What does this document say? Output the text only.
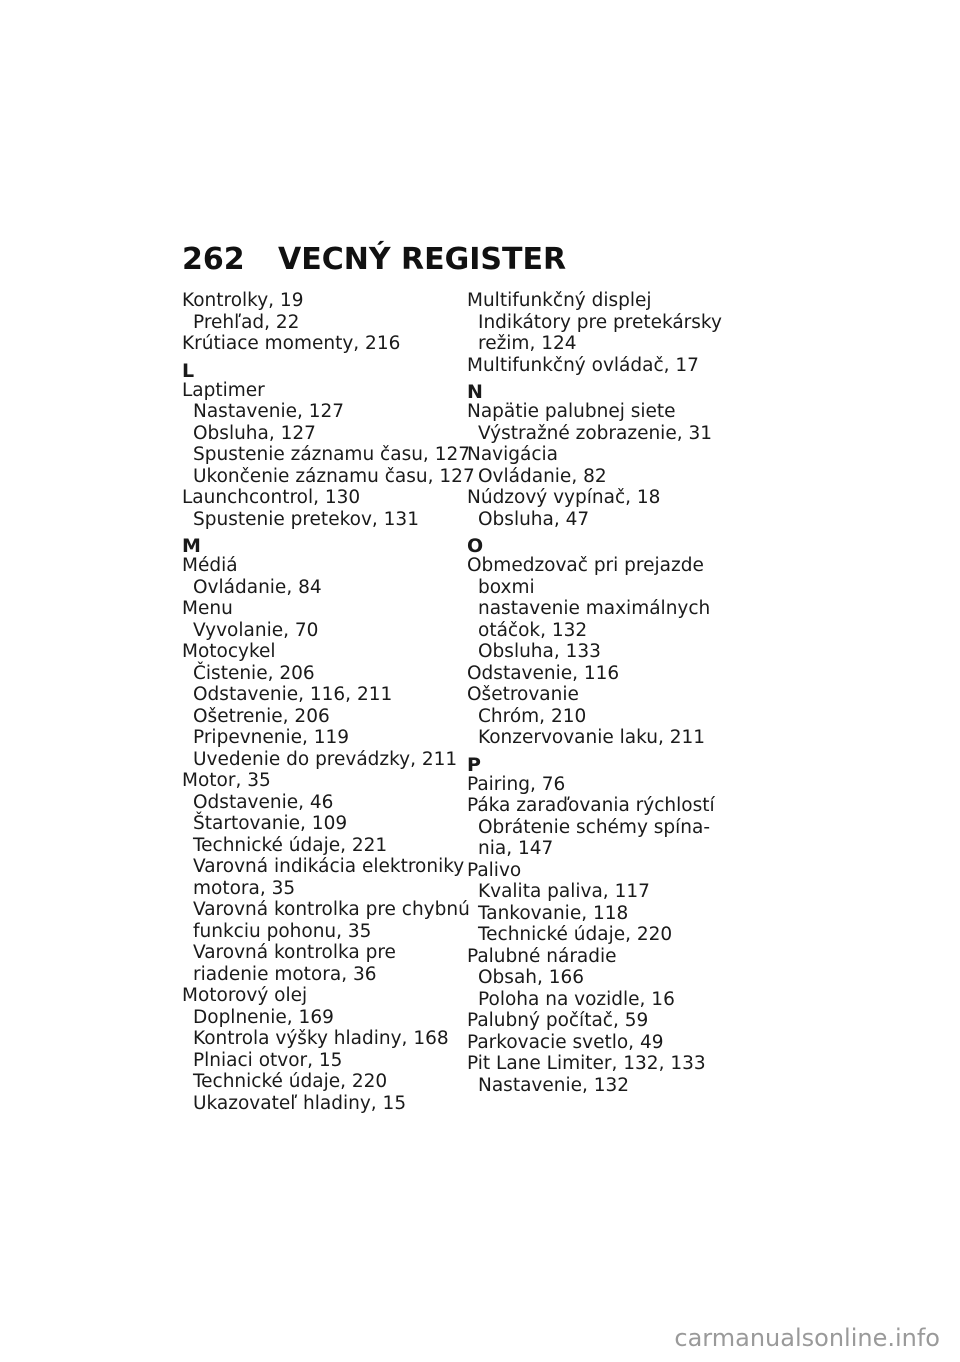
262 VECNÝ REGISTER
Kontrolky, 19
Prehľad, 22
Krútiace momenty, 216
L
Laptimer
Nastavenie, 127
Obsluha, 127
Spustenie záznamu času, 127
Ukončenie záznamu času, 127
Launchcontrol, 130
Spustenie pretekov, 131
M
Médiá
Ovládanie, 84
Menu
Vyvolanie, 70
Motocykel
Čistenie, 206
Odstavenie, 116, 211
Ošetrenie, 206
Pripevnenie, 119
Uvedenie do prevádzky, 211
Motor, 35
Odstavenie, 46
Štartovanie, 109
Technické údaje, 221
Varovná indikácia elektroniky
motora, 35
Varovná kontrolka pre chybnú
funkciu pohonu, 35
Varovná kontrolka pre
riadenie motora, 36
Motorový olej
Doplnenie, 169
Kontrola výšky hladiny, 168
Plniaci otvor, 15
Technické údaje, 220
Ukazovateľ hladiny, 15
Multifunkčný displej
Indikátory pre pretekársky
režim, 124
Multifunkčný ovládač, 17
N
Napätie palubnej siete
Výstražné zobrazenie, 31
Navigácia
Ovládanie, 82
Núdzový vypínač, 18
Obsluha, 47
O
Obmedzovač pri prejazde
boxmi
nastavenie maximálnych
otáčok, 132
Obsluha, 133
Odstavenie, 116
Ošetrovanie
Chróm, 210
Konzervovanie laku, 211
P
Pairing, 76
Páka zaraďovania rýchlostí
Obrátenie schémy spína-
nia, 147
Palivo
Kvalita paliva, 117
Tankovanie, 118
Technické údaje, 220
Palubné náradie
Obsah, 166
Poloha na vozidle, 16
Palubný počítač, 59
Parkovacie svetlo, 49
Pit Lane Limiter, 132, 133
Nastavenie, 132
carmanualsonline.info
